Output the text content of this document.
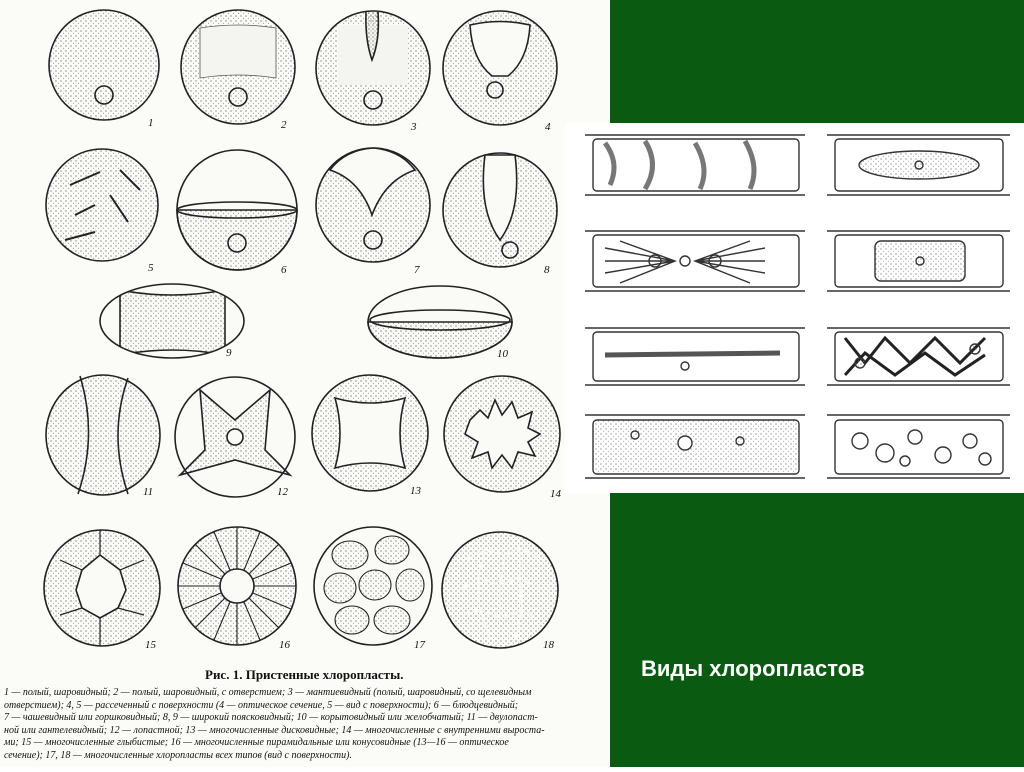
1	2	3	4
5	6	7	8
9	10
11	12	13	14
15	16	17	18
Рис. 1. Пристенные хлоропласты.
1 — полый, шаровидный; 2 — полый, шаровидный, с отверстием; 3 — мантиевидный (полый, шаровидный, со щелевидным
отверстием); 4, 5 — рассеченный с поверхности (4 — оптическое сечение, 5 — вид с поверхности); 6 — блюдцевидный;
7 — чашевидный или горшковидный; 8, 9 — широкий поясковидный; 10 — корытовидный или желобчатый; 11 — двулопаст-
ной или гантелевидный; 12 — лопастной; 13 — многочисленные дисковидные; 14 — многочисленные с внутренними выроста-
ми; 15 — многочисленные глыбистые; 16 — многочисленные пирамидальные или конусовидные (13—16 — оптическое
сечение); 17, 18 — многочисленные хлоропласты всех типов (вид с поверхности).
Виды хлоропластов
